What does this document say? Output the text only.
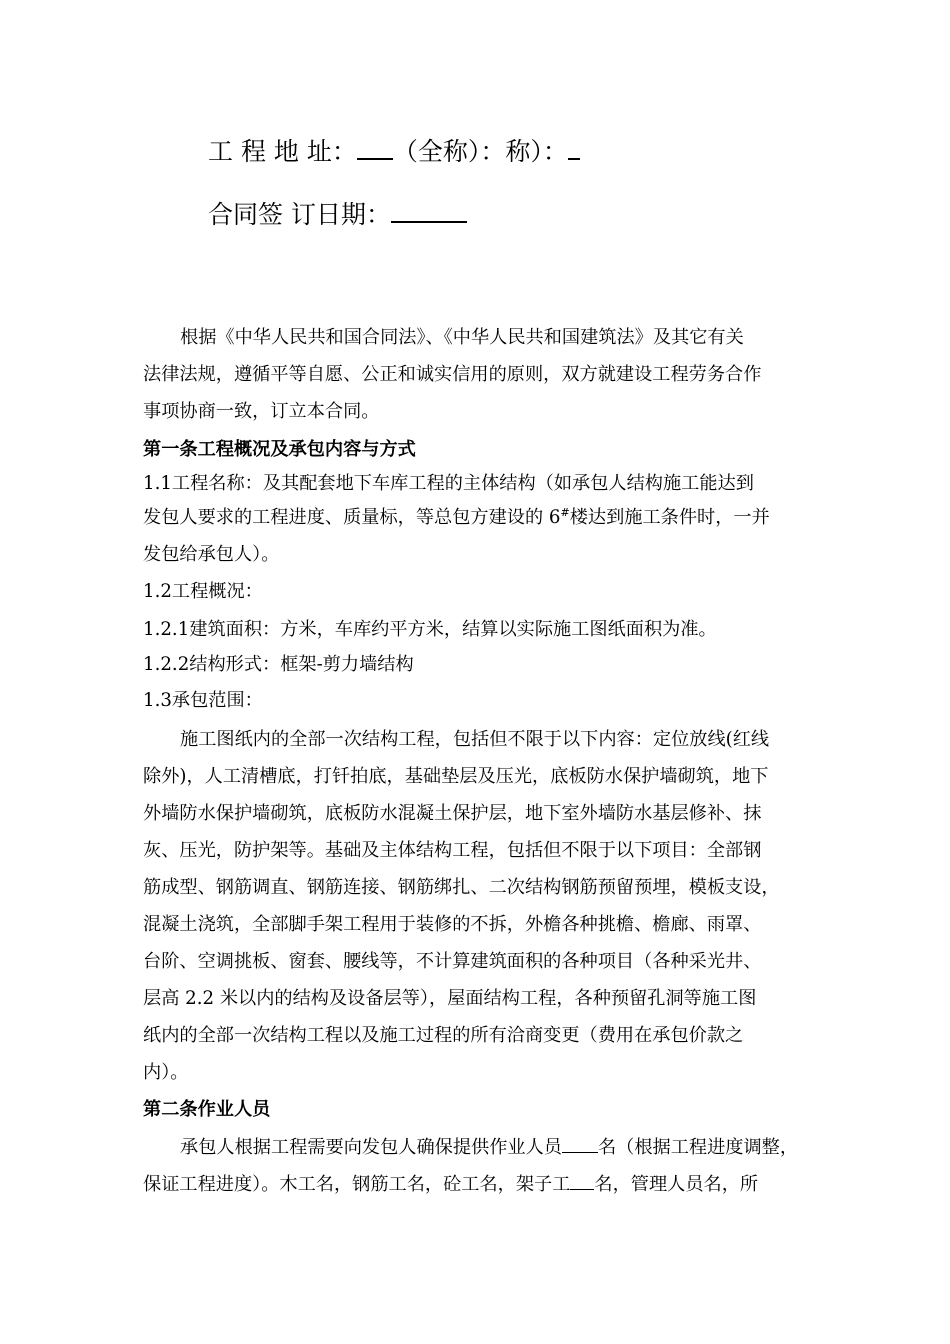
工 程 地 址： （全称）：称）：
合同签 订日期：
根据《中华人民共和国合同法》、《中华人民共和国建筑法》及其它有关
法律法规，遵循平等自愿、公正和诚实信用的原则，双方就建设工程劳务合作
事项协商一致，订立本合同。
第一条工程概况及承包内容与方式
1.1工程名称：及其配套地下车库工程的主体结构（如承包人结构施工能达到
发包人要求的工程进度、质量标，等总包方建设的 6#楼达到施工条件时，一并
发包给承包人）。
1.2工程概况：
1.2.1建筑面积：方米，车库约平方米，结算以实际施工图纸面积为准。
1.2.2结构形式：框架-剪力墙结构
1.3承包范围：
施工图纸内的全部一次结构工程，包括但不限于以下内容：定位放线(红线
除外)，人工清槽底，打钎拍底，基础垫层及压光，底板防水保护墙砌筑，地下
外墙防水保护墙砌筑，底板防水混凝土保护层，地下室外墙防水基层修补、抹
灰、压光，防护架等。基础及主体结构工程，包括但不限于以下项目：全部钢
筋成型、钢筋调直、钢筋连接、钢筋绑扎、二次结构钢筋预留预埋，模板支设，
混凝土浇筑，全部脚手架工程用于装修的不拆，外檐各种挑檐、檐廊、雨罩、
台阶、空调挑板、窗套、腰线等，不计算建筑面积的各种项目（各种采光井、
层高 2.2 米以内的结构及设备层等），屋面结构工程，各种预留孔洞等施工图
纸内的全部一次结构工程以及施工过程的所有洽商变更（费用在承包价款之
内）。
第二条作业人员
承包人根据工程需要向发包人确保提供作业人员 名（根据工程进度调整，
保证工程进度）。木工名，钢筋工名，砼工名，架子工 名，管理人员名，所
